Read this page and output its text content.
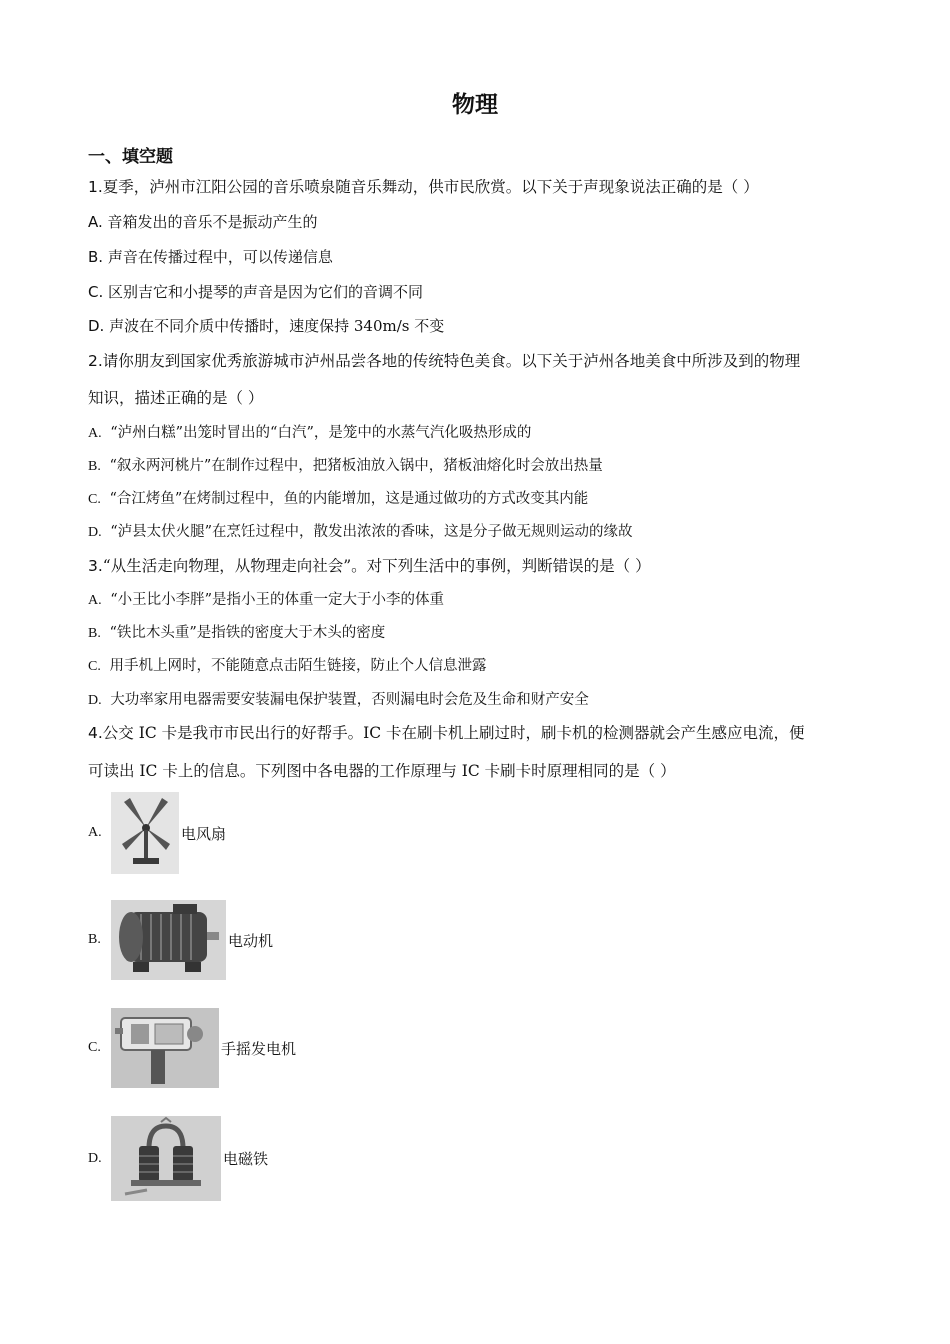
物理
一、填空题
1.夏季，泸州市江阳公园的音乐喷泉随音乐舞动，供市民欣赏。以下关于声现象说法正确的是（ ）
A. 音箱发出的音乐不是振动产生的
B. 声音在传播过程中，可以传递信息
C. 区别吉它和小提琴的声音是因为它们的音调不同
D. 声波在不同介质中传播时，速度保持 340m/s 不变
2.请你朋友到国家优秀旅游城市泸州品尝各地的传统特色美食。以下关于泸州各地美食中所涉及到的物理
知识，描述正确的是（ ）
A. “泸州白糕”出笼时冒出的“白汽”，是笼中的水蒸气汽化吸热形成的
B. “叙永两河桃片”在制作过程中，把猪板油放入锅中，猪板油熔化时会放出热量
C. “合江烤鱼”在烤制过程中，鱼的内能增加，这是通过做功的方式改变其内能
D. “泸县太伏火腿”在烹饪过程中，散发出浓浓的香味，这是分子做无规则运动的缘故
3.“从生活走向物理，从物理走向社会”。对下列生活中的事例，判断错误的是（ ）
A. “小王比小李胖”是指小王的体重一定大于小李的体重
B. “铁比木头重”是指铁的密度大于木头的密度
C. 用手机上网时，不能随意点击陌生链接，防止个人信息泄露
D. 大功率家用电器需要安装漏电保护装置，否则漏电时会危及生命和财产安全
4.公交 IC 卡是我市市民出行的好帮手。IC 卡在刷卡机上刷过时，刷卡机的检测器就会产生感应电流，便
可读出 IC 卡上的信息。下列图中各电器的工作原理与 IC 卡刷卡时原理相同的是（ ）
A.	电风扇
B.	电动机
C.	手摇发电机
D.	电磁铁
